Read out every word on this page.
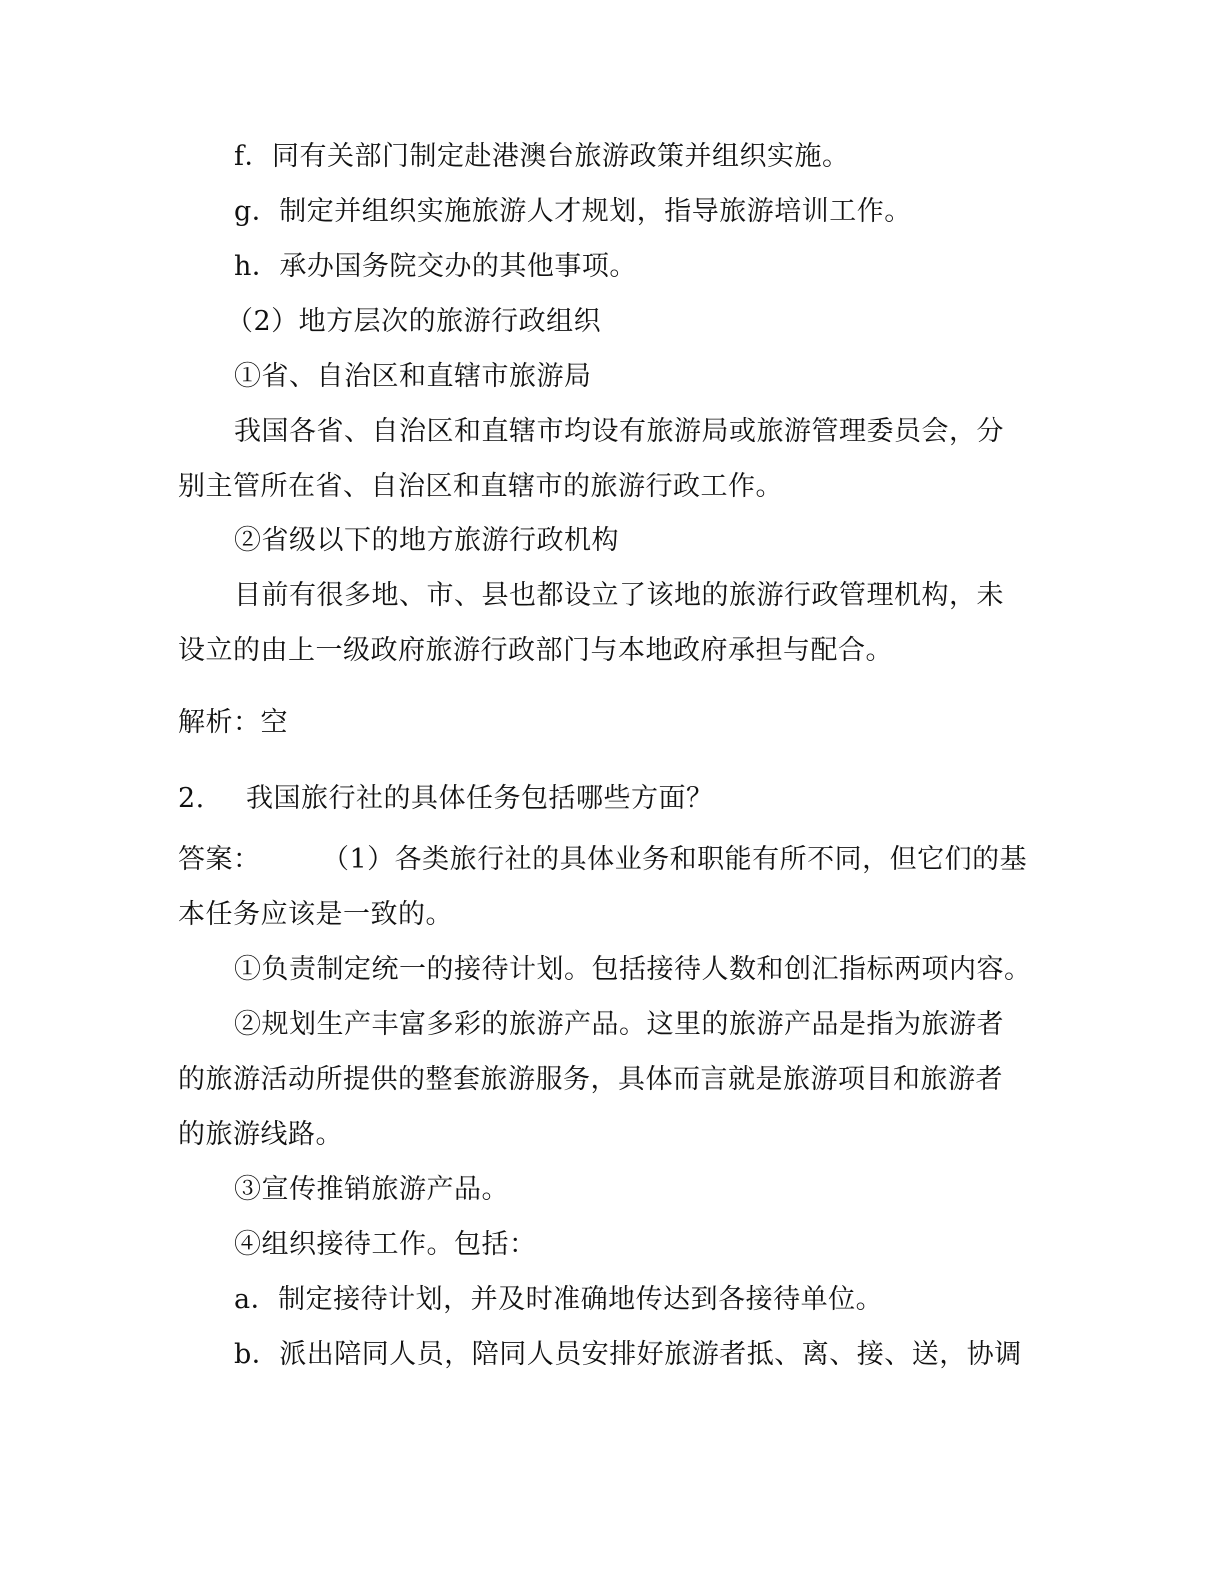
f．同有关部门制定赴港澳台旅游政策并组织实施。
g．制定并组织实施旅游人才规划，指导旅游培训工作。
h．承办国务院交办的其他事项。
（2）地方层次的旅游行政组织
①省、自治区和直辖市旅游局
我国各省、自治区和直辖市均设有旅游局或旅游管理委员会，分
别主管所在省、自治区和直辖市的旅游行政工作。
②省级以下的地方旅游行政机构
目前有很多地、市、县也都设立了该地的旅游行政管理机构，未
设立的由上一级政府旅游行政部门与本地政府承担与配合。
解析：空
2. 我国旅行社的具体任务包括哪些方面？
答案： （1）各类旅行社的具体业务和职能有所不同，但它们的基
本任务应该是一致的。
①负责制定统一的接待计划。包括接待人数和创汇指标两项内容。
②规划生产丰富多彩的旅游产品。这里的旅游产品是指为旅游者
的旅游活动所提供的整套旅游服务，具体而言就是旅游项目和旅游者
的旅游线路。
③宣传推销旅游产品。
④组织接待工作。包括：
a．制定接待计划，并及时准确地传达到各接待单位。
b．派出陪同人员，陪同人员安排好旅游者抵、离、接、送，协调
